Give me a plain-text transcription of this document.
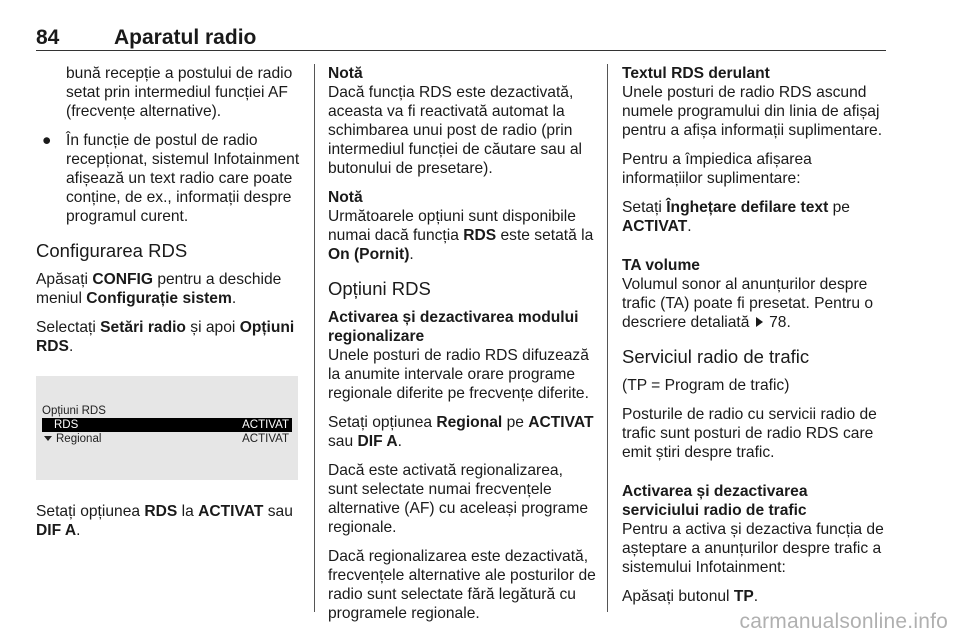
84	Aparatul radio

bună recepție a postului de radio setat prin intermediul funcției AF (frecvențe alternative).

● În funcție de postul de radio recepționat, sistemul Infotainment afișează un text radio care poate conține, de ex., informații despre programul curent.
Configurarea RDS

Apăsați CONFIG pentru a deschide meniul Configurație sistem.

Selectați Setări radio și apoi Opțiuni RDS.

Opțiuni RDS
RDS	ACTIVAT
Regional	ACTIVAT

Setați opțiunea RDS la ACTIVAT sau DIF A.

Notă

Dacă funcția RDS este dezactivată, aceasta va fi reactivată automat la schimbarea unui post de radio (prin intermediul funcției de căutare sau al butonului de presetare).

Notă

Următoarele opțiuni sunt disponibile numai dacă funcția RDS este setată la On (Pornit).

Opțiuni RDS
Activarea și dezactivarea modului regionalizare

Unele posturi de radio RDS difuzează la anumite intervale orare programe regionale diferite pe frecvențe diferite.

Setați opțiunea Regional pe ACTIVAT sau DIF A.

Dacă este activată regionalizarea, sunt selectate numai frecvențele alternative (AF) cu aceleași programe regionale.

Dacă regionalizarea este dezactivată, frecvențele alternative ale posturilor de radio sunt selectate fără legătură cu programele regionale.

Textul RDS derulant

Unele posturi de radio RDS ascund numele programului din linia de afișaj pentru a afișa informații suplimentare.

Pentru a împiedica afișarea informațiilor suplimentare:

Setați Înghețare defilare text pe ACTIVAT.

TA volume

Volumul sonor al anunțurilor despre trafic (TA) poate fi presetat. Pentru o descriere detaliată  78.

Serviciul radio de trafic

(TP = Program de trafic)

Posturile de radio cu servicii radio de trafic sunt posturi de radio RDS care emit știri despre trafic.

Activarea și dezactivarea serviciului radio de trafic

Pentru a activa și dezactiva funcția de așteptare a anunțurilor despre trafic a sistemului Infotainment:

Apăsați butonul TP.

carmanualsonline.info
